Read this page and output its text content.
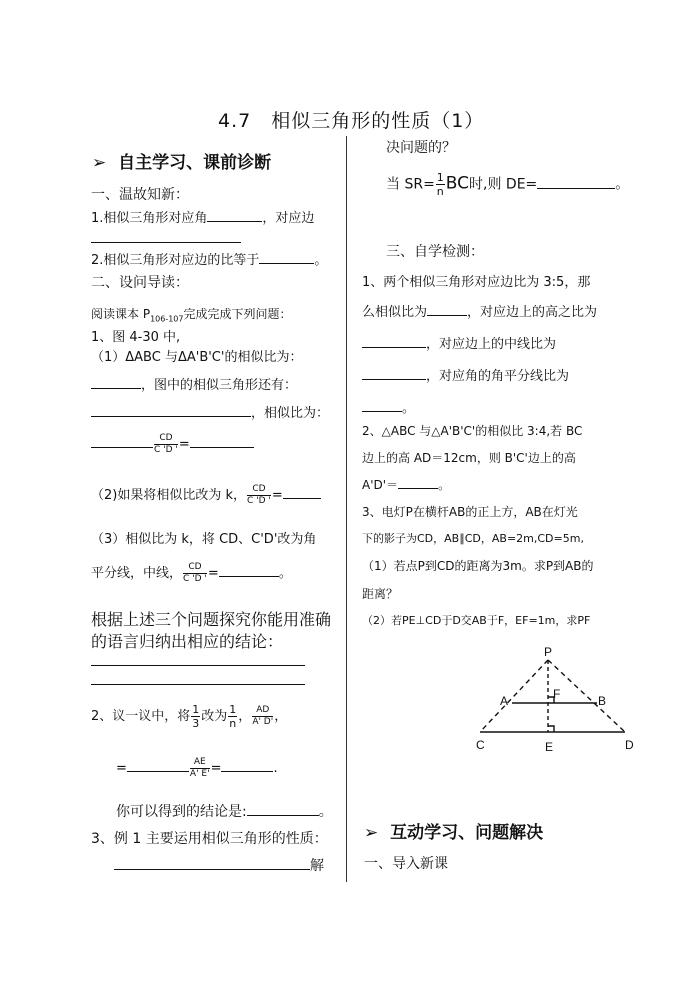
4.7　相似三角形的性质（1）
➢ 自主学习、课前诊断
一、温故知新：
1.相似三角形对应角	，对应边
2.相似三角形对应边的比等于	。
二、设问导读：
阅读课本 $P_{106-107}$完成完成下列问题：
1、图 4-30 中,
（1）ΔABC 与ΔA'B'C'的相似比为：
，图中的相似三角形还有：
，相似比为：
$\frac{CD}{C 'D '}$ =
（2)如果将相似比改为 k， $\frac{CD}{C 'D '}$ =
（3）相似比为 k，将 CD、C'D'改为角
平分线，中线， $\frac{CD}{C 'D '}$ =	。
根据上述三个问题探究你能用准确
的语言归纳出相应的结论：
2、议一议中，将 $\frac{1}{3}$ 改为 $\frac{1}{n}$ ， $\frac{AD}{A' D'}$ ，
=	$\frac{AE}{A' E'}$ =	.
你可以得到的结论是:	。
3、例 1 主要运用相似三角形的性质：
解
决问题的？
当 $SR= \frac{1}{n}$ BC时,则 DE=	。
三、自学检测：
1、两个相似三角形对应边比为 3:5，那
么相似比为	，对应边上的高之比为
，对应边上的中线比为
，对应角的角平分线比为
。
2、△ABC 与△A'B'C'的相似比 3:4,若 BC
边上的高 AD＝12cm，则 B'C'边上的高
A'D'＝	。
3、电灯P在横杆AB的正上方，AB在灯光
下的影子为CD，AB∥CD，AB=2m,CD=5m,
（1）若点P到CD的距离为3m。求P到AB的
距离？
（2）若PE⊥CD于D交AB于F，EF=1m，求PF
P
A	B
F
C	E	D
➢ 互动学习、问题解决
一、导入新课
